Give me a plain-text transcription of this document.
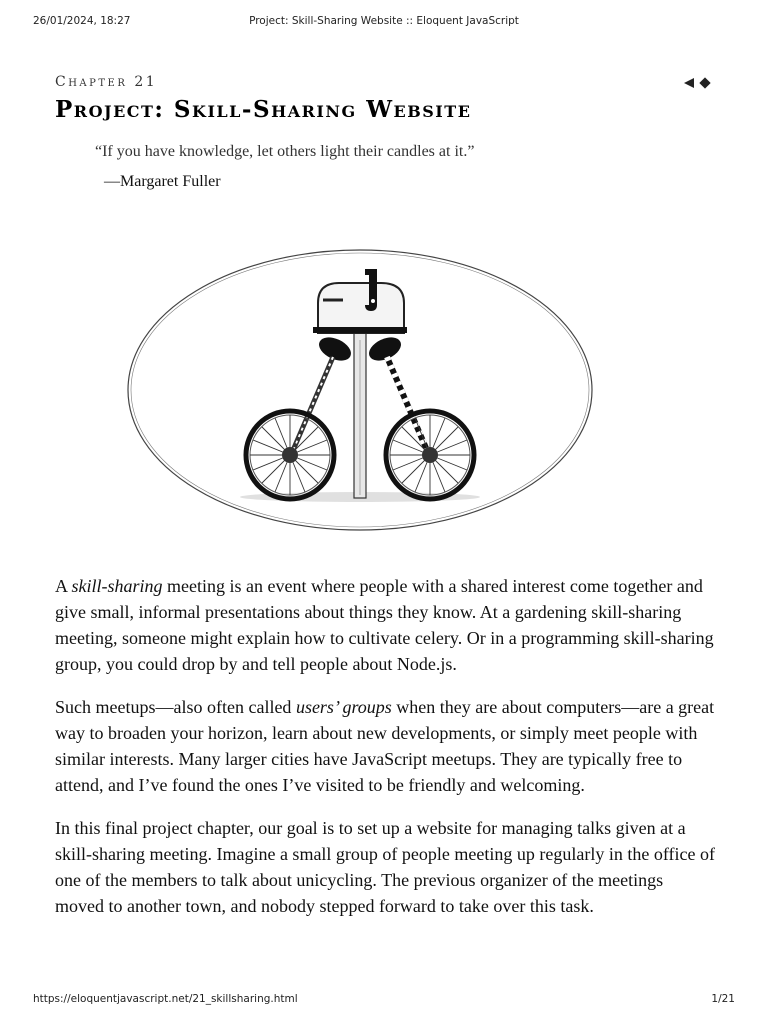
26/01/2024, 18:27	Project: Skill-Sharing Website :: Eloquent JavaScript
Chapter 21
Project: Skill-Sharing Website

“If you have knowledge, let others light their candles at it.”

—Margaret Fuller

A skill-sharing meeting is an event where people with a shared interest come together and give small, informal presentations about things they know. At a gardening skill-sharing meeting, someone might explain how to cultivate celery. Or in a programming skill-sharing group, you could drop by and tell people about Node.js.

Such meetups—also often called users’ groups when they are about computers—are a great way to broaden your horizon, learn about new developments, or simply meet people with similar interests. Many larger cities have JavaScript meetups. They are typically free to attend, and I’ve found the ones I’ve visited to be friendly and welcoming.

In this final project chapter, our goal is to set up a website for managing talks given at a skill-sharing meeting. Imagine a small group of people meeting up regularly in the office of one of the members to talk about unicycling. The previous organizer of the meetings moved to another town, and nobody stepped forward to take over this task.

https://eloquentjavascript.net/21_skillsharing.html	1/21
